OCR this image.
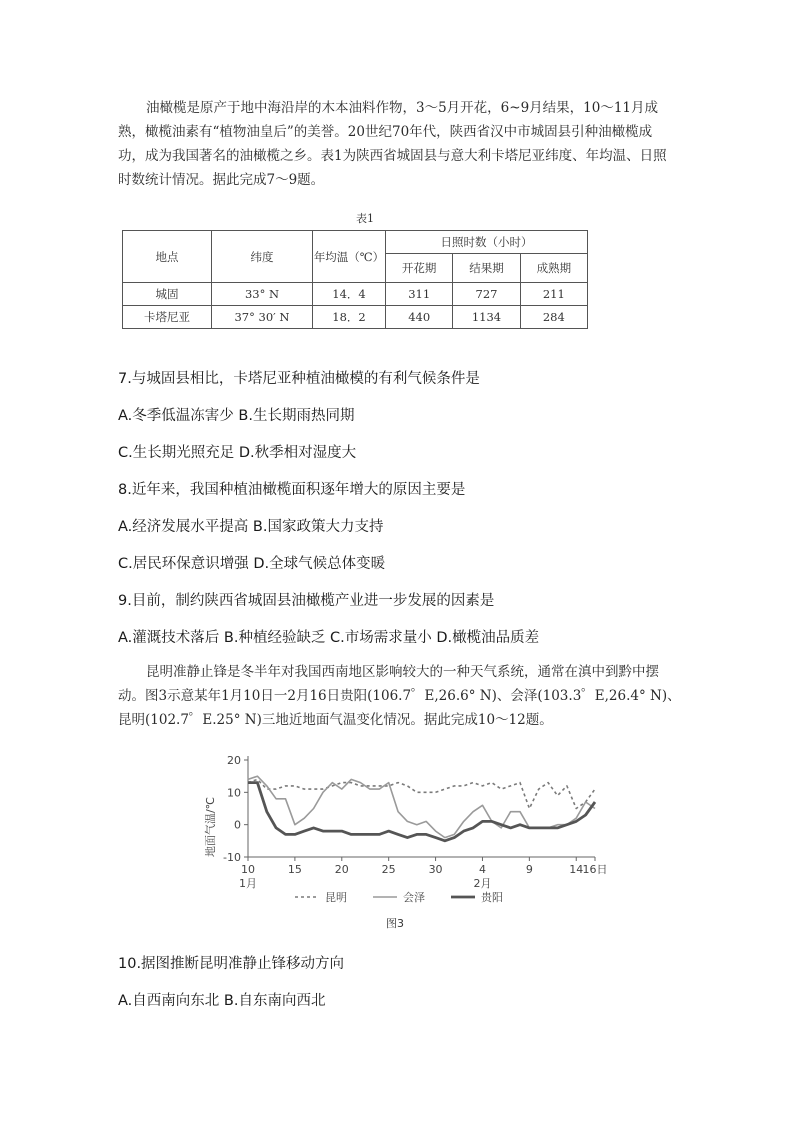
油橄榄是原产于地中海沿岸的木本油料作物，3～5月开花，6~9月结果，10～11月成熟，橄榄油素有“植物油皇后”的美誉。20世纪70年代，陕西省汉中市城固县引种油橄榄成功，成为我国著名的油橄榄之乡。表1为陕西省城固县与意大利卡塔尼亚纬度、年均温、日照时数统计情况。据此完成7～9题。

表1
地点	纬度	年均温（℃）	日照时数（小时）		
			开花期	结果期	成熟期
城固	33° N	14．4	311	727	211
卡塔尼亚	37° 30′ N	18．2	440	1134	284

7.与城固县相比，卡塔尼亚种植油橄模的有利气候条件是

A.冬季低温冻害少 B.生长期雨热同期

C.生长期光照充足 D.秋季相对湿度大

8.近年来，我国种植油橄榄面积逐年增大的原因主要是

A.经济发展水平提高 B.国家政策大力支持

C.居民环保意识增强 D.全球气候总体变暖

9.目前，制约陕西省城固县油橄榄产业进一步发展的因素是

A.灌溉技术落后 B.种植经验缺乏 C.市场需求量小 D.橄榄油品质差

昆明准静止锋是冬半年对我国西南地区影响较大的一种天气系统，通常在滇中到黔中摆动。图3示意某年1月10日一2月16日贵阳(106.7゜E,26.6° N)、会泽(103.3゜E,26.4° N)、昆明(102.7゜E.25° N)三地近地面气温变化情况。据此完成10～12题。

地面气温/℃
20
10
0
-10
10	15	20	25	30	4	9	14 16日
1月	2月
昆明	会泽	贵阳
图3

10.据图推断昆明准静止锋移动方向

A.自西南向东北 B.自东南向西北
